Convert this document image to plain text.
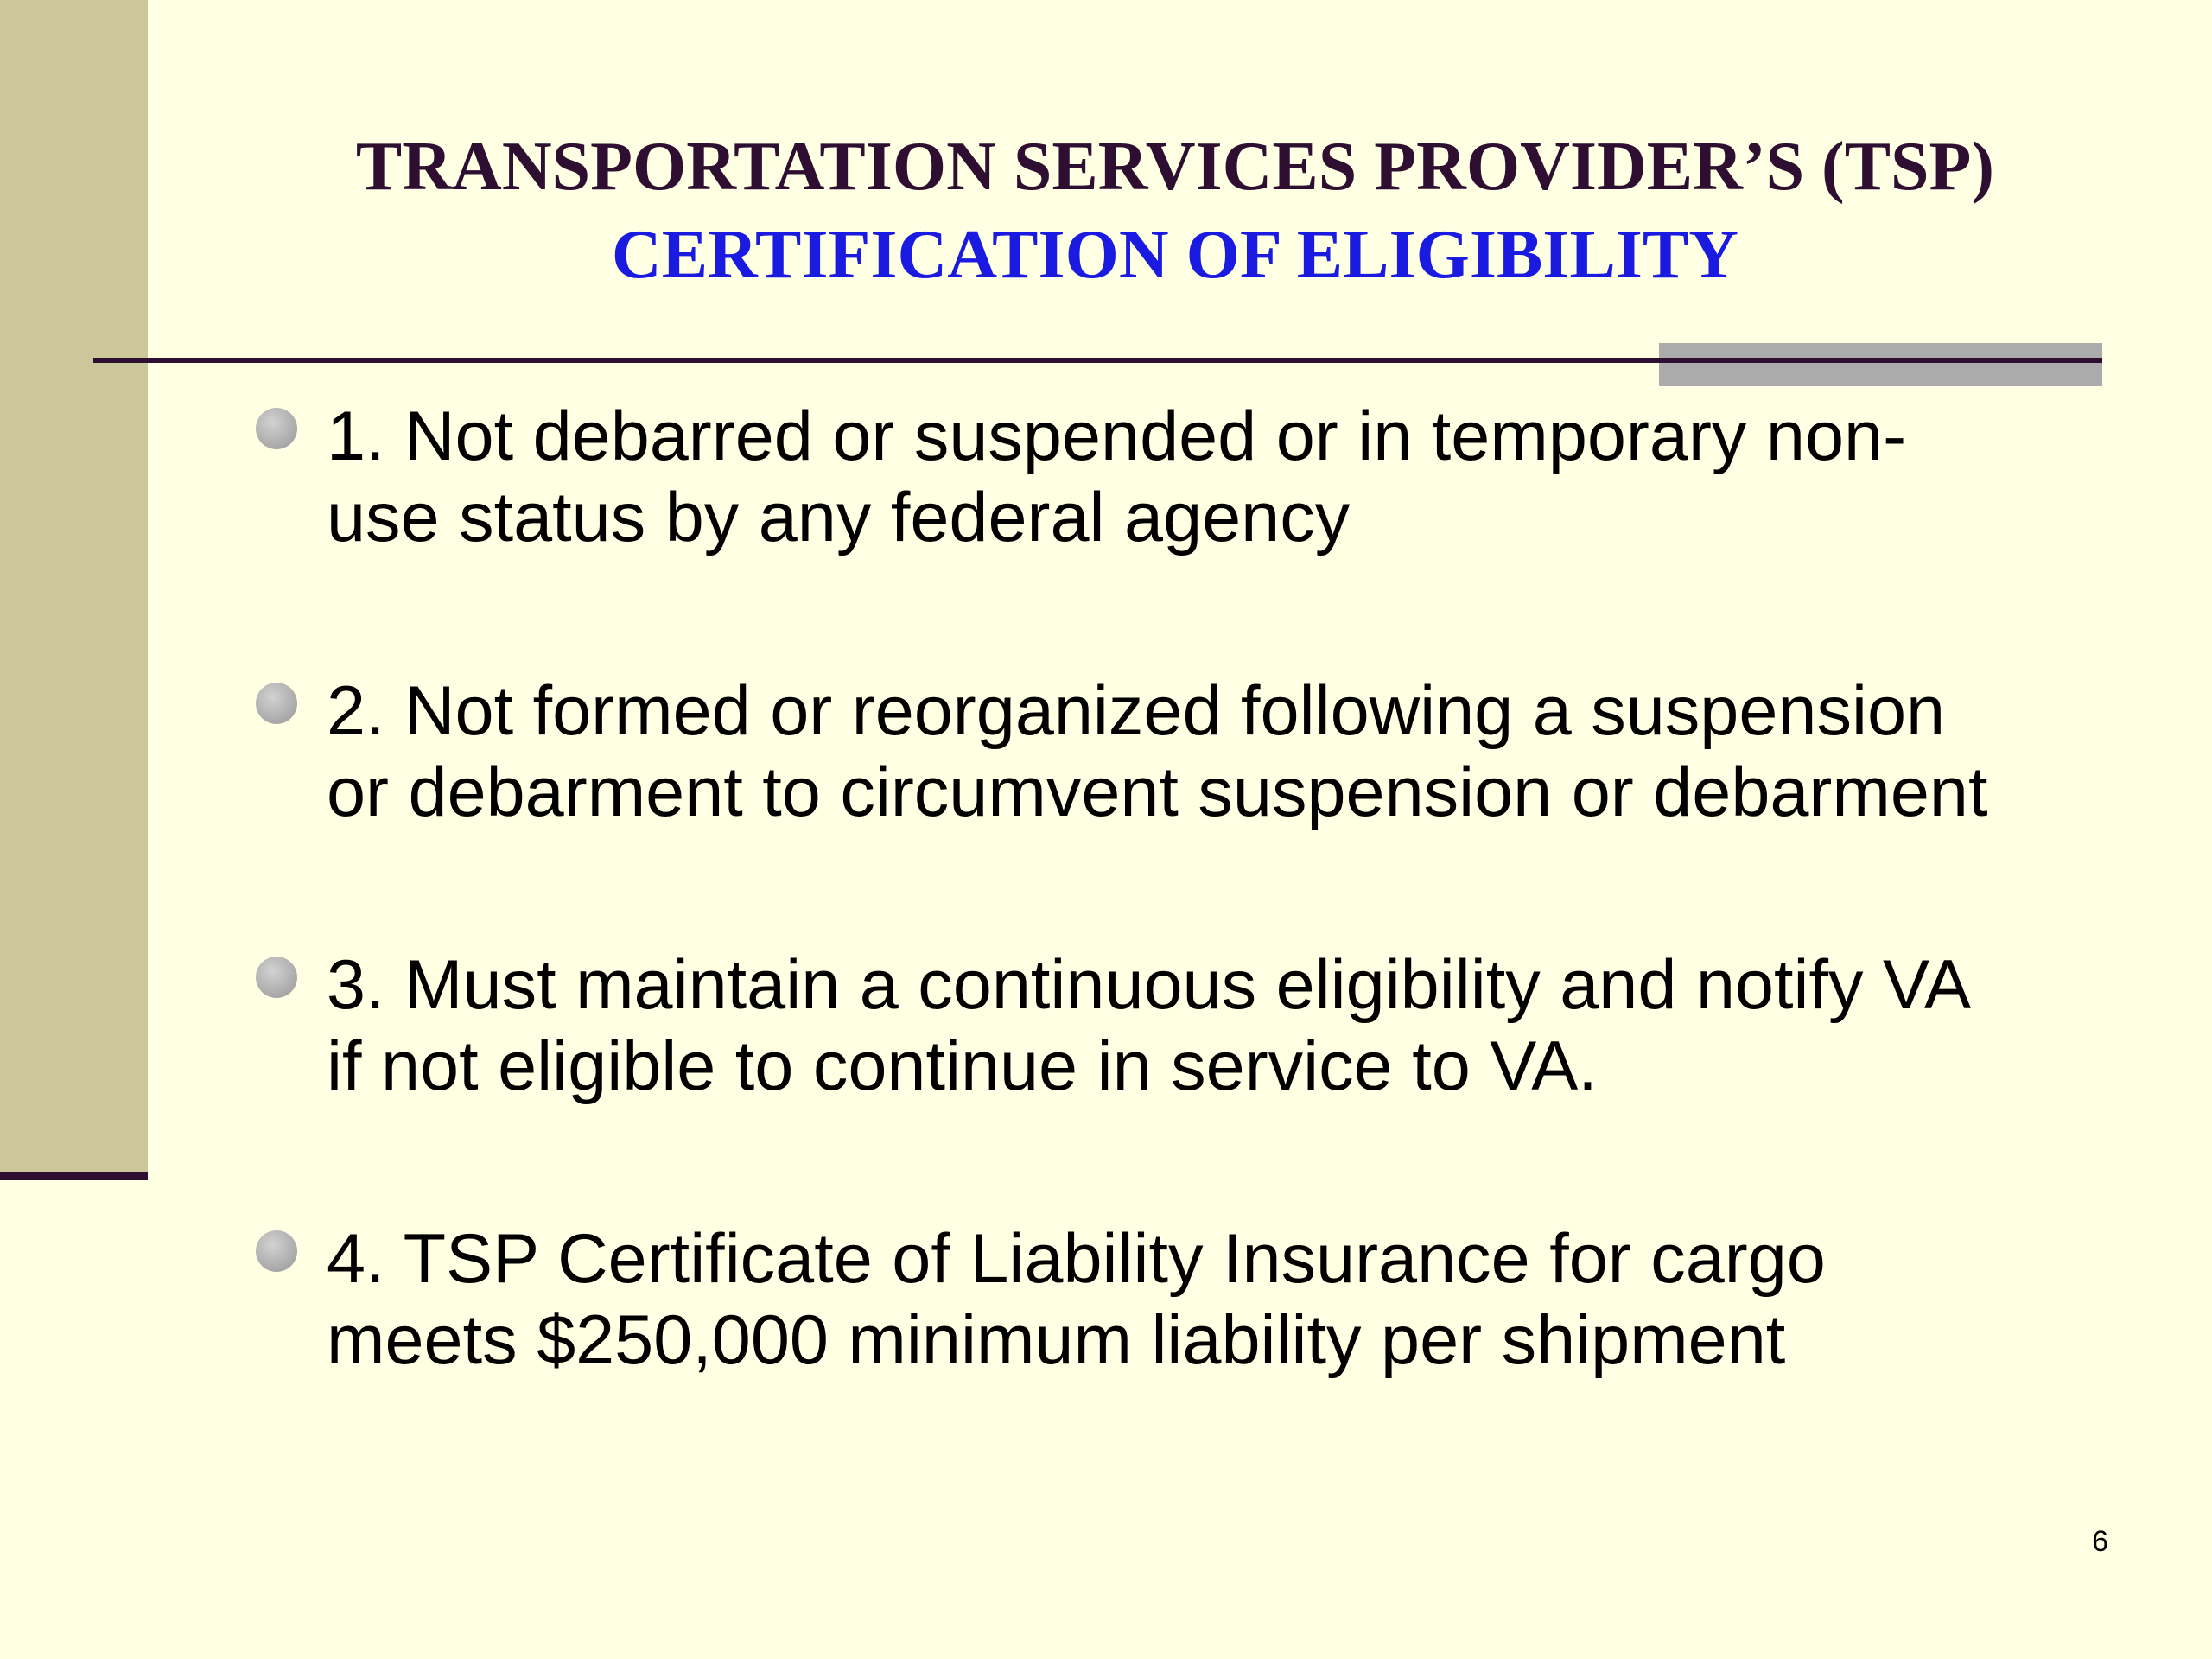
TRANSPORTATION SERVICES PROVIDER’S (TSP)
CERTIFICATION OF ELIGIBILITY
1. Not debarred or suspended or in temporary non-
use status by any federal agency
2. Not formed or reorganized following a suspension
or debarment to circumvent suspension or debarment
3. Must maintain a continuous eligibility and notify VA
if not eligible to continue in service to VA.
4. TSP Certificate of Liability Insurance for cargo
meets $250,000 minimum liability per shipment
6
